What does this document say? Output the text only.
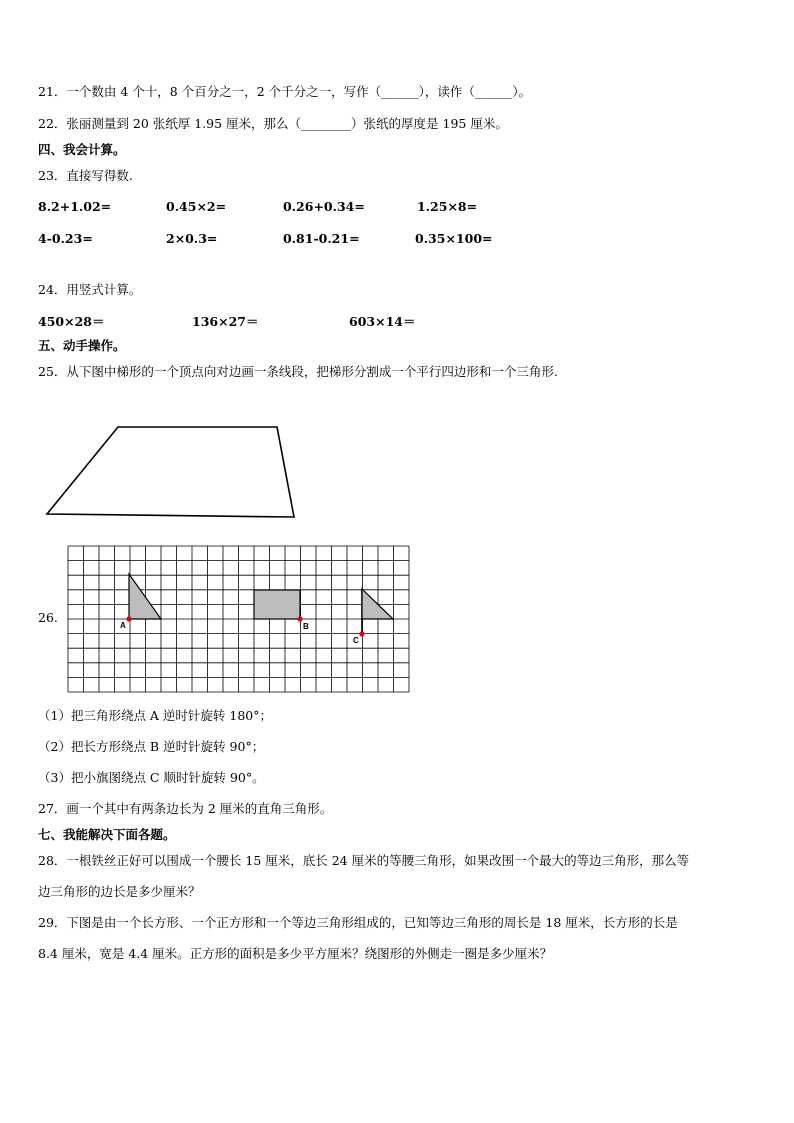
21．一个数由 4 个十，8 个百分之一，2 个千分之一，写作（______），读作（______）。
22．张丽测量到 20 张纸厚 1.95 厘米，那么（________）张纸的厚度是 195 厘米。
四、我会计算。
23．直接写得数.
8.2+1.02=	0.45×2=	0.26+0.34=	1.25×8=
4-0.23=	2×0.3=	0.81-0.21=	0.35×100=
24．用竖式计算。
450×28＝	136×27＝	603×14＝
五、动手操作。
25．从下图中梯形的一个顶点向对边画一条线段，把梯形分割成一个平行四边形和一个三角形.
26.
A	B
C
（1）把三角形绕点 A 逆时针旋转 180°；
（2）把长方形绕点 B 逆时针旋转 90°；
（3）把小旗图绕点 C 顺时针旋转 90°。
27．画一个其中有两条边长为 2 厘米的直角三角形。
七、我能解决下面各题。
28．一根铁丝正好可以围成一个腰长 15 厘米，底长 24 厘米的等腰三角形，如果改围一个最大的等边三角形，那么等
边三角形的边长是多少厘米？
29．下图是由一个长方形、一个正方形和一个等边三角形组成的，已知等边三角形的周长是 18 厘米，长方形的长是
8.4 厘米，宽是 4.4 厘米。正方形的面积是多少平方厘米？绕图形的外侧走一圈是多少厘米？
